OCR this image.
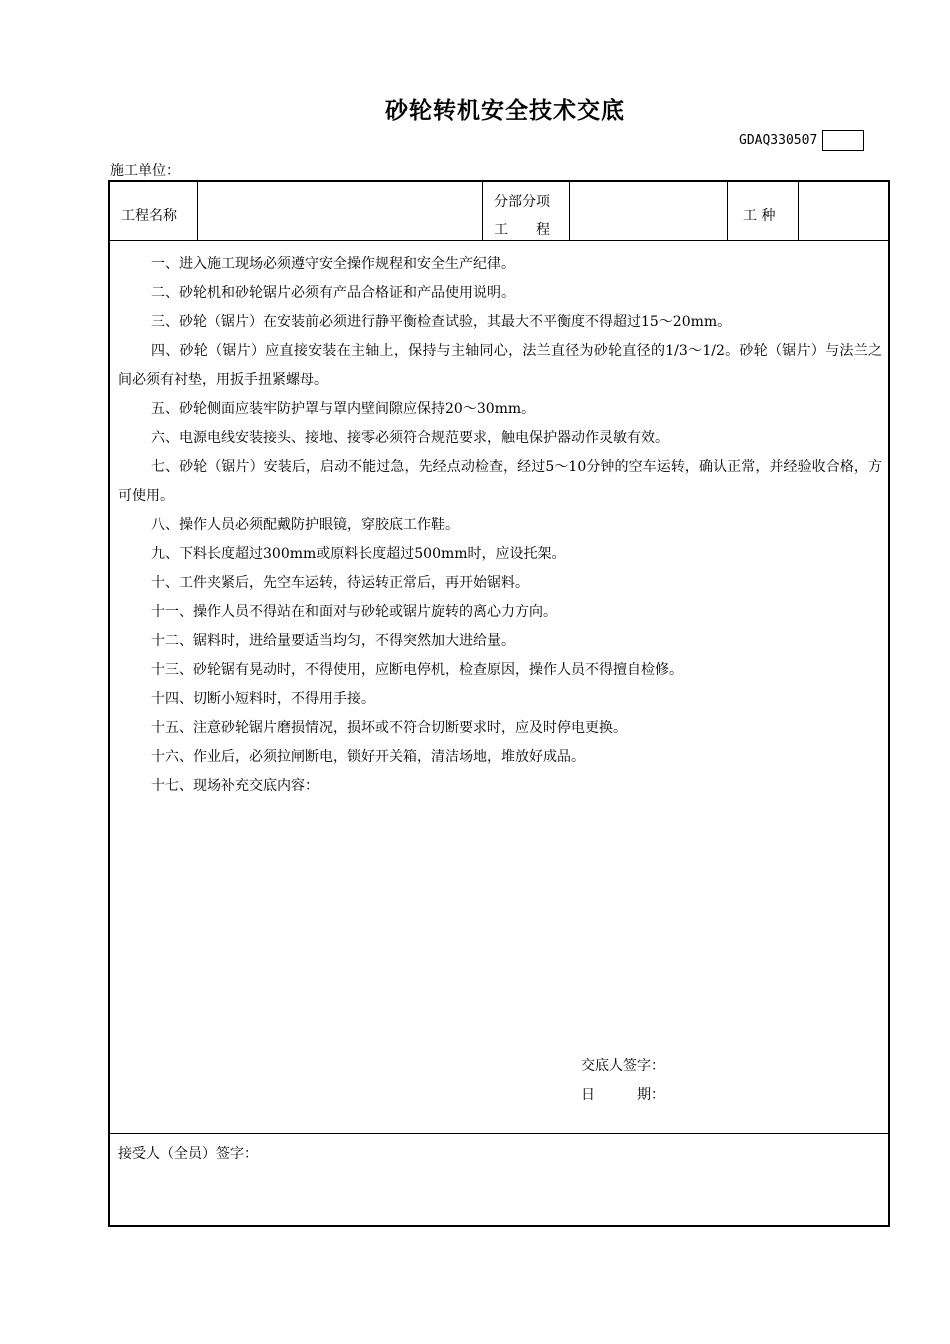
砂轮转机安全技术交底
GDAQ330507
施工单位：
工程名称
分部分项
工　　程
工 种

一、进入施工现场必须遵守安全操作规程和安全生产纪律。

二、砂轮机和砂轮锯片必须有产品合格证和产品使用说明。

三、砂轮（锯片）在安装前必须进行静平衡检查试验，其最大不平衡度不得超过15～20mm。

四、砂轮（锯片）应直接安装在主轴上，保持与主轴同心，法兰直径为砂轮直径的1/3～1/2。砂轮（锯片）与法兰之间必须有衬垫，用扳手扭紧螺母。

五、砂轮侧面应装牢防护罩与罩内壁间隙应保持20～30mm。

六、电源电线安装接头、接地、接零必须符合规范要求，触电保护器动作灵敏有效。

七、砂轮（锯片）安装后，启动不能过急，先经点动检查，经过5～10分钟的空车运转，确认正常，并经验收合格，方可使用。

八、操作人员必须配戴防护眼镜，穿胶底工作鞋。

九、下料长度超过300mm或原料长度超过500mm时，应设托架。

十、工件夹紧后，先空车运转，待运转正常后，再开始锯料。

十一、操作人员不得站在和面对与砂轮或锯片旋转的离心力方向。

十二、锯料时，进给量要适当均匀，不得突然加大进给量。

十三、砂轮锯有晃动时，不得使用，应断电停机，检查原因，操作人员不得擅自检修。

十四、切断小短料时，不得用手接。

十五、注意砂轮锯片磨损情况，损坏或不符合切断要求时，应及时停电更换。

十六、作业后，必须拉闸断电，锁好开关箱，清洁场地，堆放好成品。

十七、现场补充交底内容：

交底人签字：
日　　　期：
接受人（全员）签字：
